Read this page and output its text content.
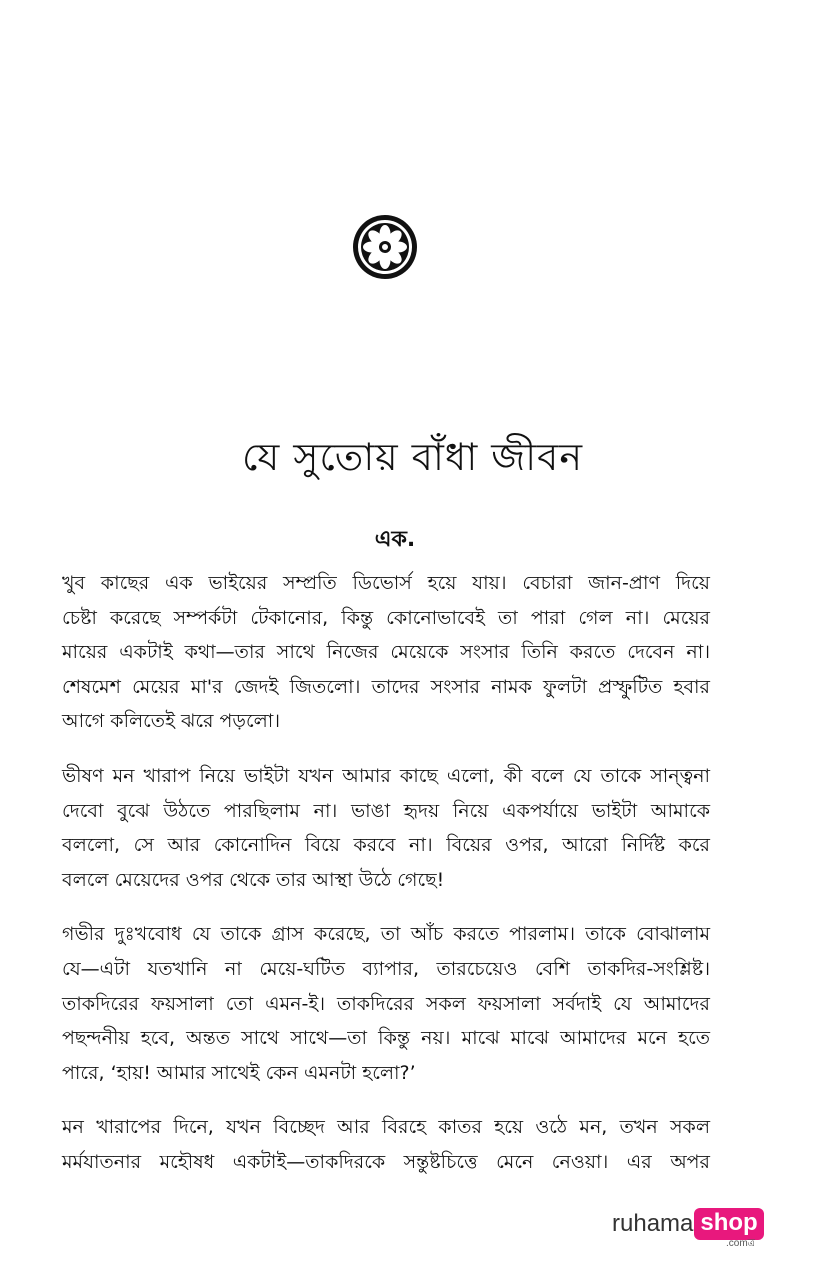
যে সুতোয় বাঁধা জীবন
এক.

খুব কাছের এক ভাইয়ের সম্প্রতি ডিভোর্স হয়ে যায়। বেচারা জান-প্রাণ দিয়ে
চেষ্টা করেছে সম্পর্কটা টেকানোর, কিন্তু কোনোভাবেই তা পারা গেল না। মেয়ের
মায়ের একটাই কথা—তার সাথে নিজের মেয়েকে সংসার তিনি করতে দেবেন না।
শেষমেশ মেয়ের মা'র জেদই জিতলো। তাদের সংসার নামক ফুলটা প্রস্ফুটিত হবার
আগে কলিতেই ঝরে পড়লো।

ভীষণ মন খারাপ নিয়ে ভাইটা যখন আমার কাছে এলো, কী বলে যে তাকে সান্ত্বনা
দেবো বুঝে উঠতে পারছিলাম না। ভাঙা হৃদয় নিয়ে একপর্যায়ে ভাইটা আমাকে
বললো, সে আর কোনোদিন বিয়ে করবে না। বিয়ের ওপর, আরো নির্দিষ্ট করে
বললে মেয়েদের ওপর থেকে তার আস্থা উঠে গেছে!

গভীর দুঃখবোধ যে তাকে গ্রাস করেছে, তা আঁচ করতে পারলাম। তাকে বোঝালাম
যে—এটা যতখানি না মেয়ে-ঘটিত ব্যাপার, তারচেয়েও বেশি তাকদির-সংশ্লিষ্ট।
তাকদিরের ফয়সালা তো এমন-ই। তাকদিরের সকল ফয়সালা সর্বদাই যে আমাদের
পছন্দনীয় হবে, অন্তত সাথে সাথে—তা কিন্তু নয়। মাঝে মাঝে আমাদের মনে হতে
পারে, ‘হায়! আমার সাথেই কেন এমনটা হলো?’

মন খারাপের দিনে, যখন বিচ্ছেদ আর বিরহে কাতর হয়ে ওঠে মন, তখন সকল
মর্মযাতনার মহৌষধ একটাই—তাকদিরকে সন্তুষ্টচিত্তে মেনে নেওয়া। এর অপর

ruhama shop
.comত্র
